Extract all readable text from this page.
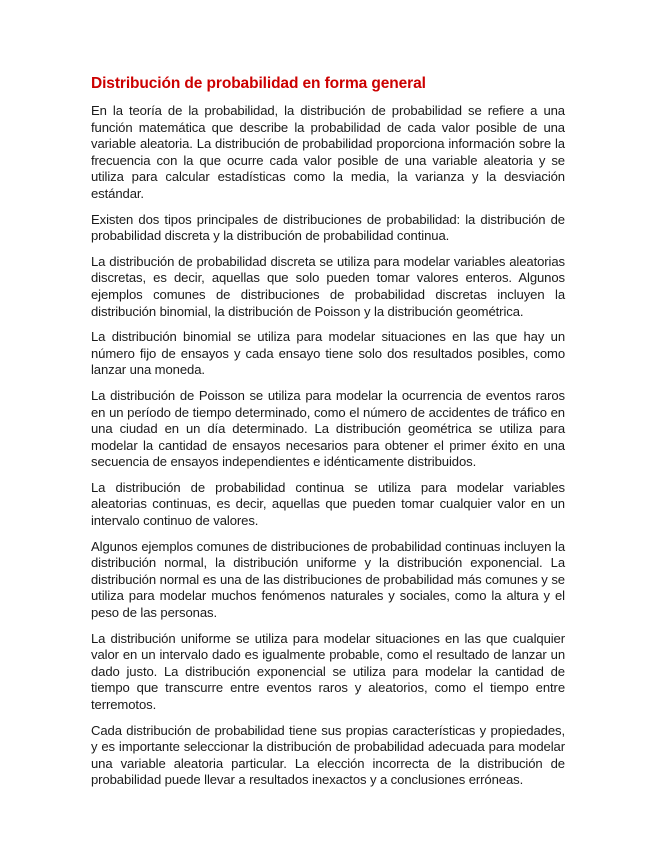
Distribución de probabilidad en forma general

En la teoría de la probabilidad, la distribución de probabilidad se refiere a una función matemática que describe la probabilidad de cada valor posible de una variable aleatoria. La distribución de probabilidad proporciona información sobre la frecuencia con la que ocurre cada valor posible de una variable aleatoria y se utiliza para calcular estadísticas como la media, la varianza y la desviación estándar.

Existen dos tipos principales de distribuciones de probabilidad: la distribución de probabilidad discreta y la distribución de probabilidad continua.

La distribución de probabilidad discreta se utiliza para modelar variables aleatorias discretas, es decir, aquellas que solo pueden tomar valores enteros. Algunos ejemplos comunes de distribuciones de probabilidad discretas incluyen la distribución binomial, la distribución de Poisson y la distribución geométrica.

La distribución binomial se utiliza para modelar situaciones en las que hay un número fijo de ensayos y cada ensayo tiene solo dos resultados posibles, como lanzar una moneda.

La distribución de Poisson se utiliza para modelar la ocurrencia de eventos raros en un período de tiempo determinado, como el número de accidentes de tráfico en una ciudad en un día determinado. La distribución geométrica se utiliza para modelar la cantidad de ensayos necesarios para obtener el primer éxito en una secuencia de ensayos independientes e idénticamente distribuidos.

La distribución de probabilidad continua se utiliza para modelar variables aleatorias continuas, es decir, aquellas que pueden tomar cualquier valor en un intervalo continuo de valores.

Algunos ejemplos comunes de distribuciones de probabilidad continuas incluyen la distribución normal, la distribución uniforme y la distribución exponencial. La distribución normal es una de las distribuciones de probabilidad más comunes y se utiliza para modelar muchos fenómenos naturales y sociales, como la altura y el peso de las personas.

La distribución uniforme se utiliza para modelar situaciones en las que cualquier valor en un intervalo dado es igualmente probable, como el resultado de lanzar un dado justo. La distribución exponencial se utiliza para modelar la cantidad de tiempo que transcurre entre eventos raros y aleatorios, como el tiempo entre terremotos.

Cada distribución de probabilidad tiene sus propias características y propiedades, y es importante seleccionar la distribución de probabilidad adecuada para modelar una variable aleatoria particular. La elección incorrecta de la distribución de probabilidad puede llevar a resultados inexactos y a conclusiones erróneas.
